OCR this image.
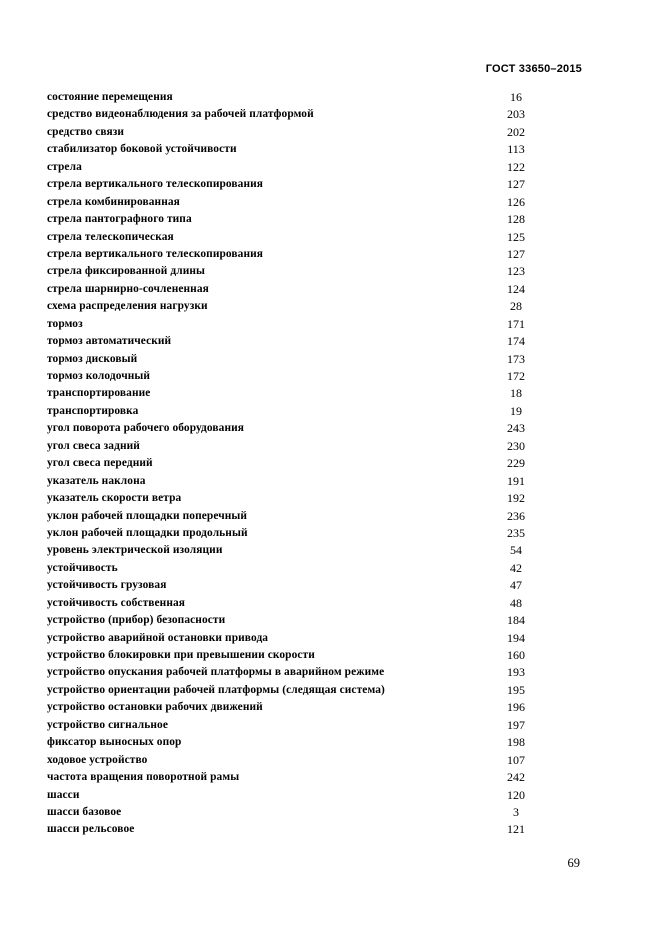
ГОСТ 33650–2015
состояние перемещения	16
средство видеонаблюдения за рабочей платформой	203
средство связи	202
стабилизатор боковой устойчивости	113
стрела	122
стрела вертикального телескопирования	127
стрела комбинированная	126
стрела пантографного типа	128
стрела телескопическая	125
стрела вертикального телескопирования	127
стрела фиксированной длины	123
стрела шарнирно-сочлененная	124
схема распределения нагрузки	28
тормоз	171
тормоз автоматический	174
тормоз дисковый	173
тормоз колодочный	172
транспортирование	18
транспортировка	19
угол поворота рабочего оборудования	243
угол свеса задний	230
угол свеса передний	229
указатель наклона	191
указатель скорости ветра	192
уклон рабочей площадки поперечный	236
уклон рабочей площадки продольный	235
уровень электрической изоляции	54
устойчивость	42
устойчивость грузовая	47
устойчивость собственная	48
устройство (прибор) безопасности	184
устройство аварийной остановки привода	194
устройство блокировки при превышении скорости	160
устройство опускания рабочей платформы в аварийном режиме	193
устройство ориентации рабочей платформы (следящая система)	195
устройство остановки рабочих движений	196
устройство сигнальное	197
фиксатор выносных опор	198
ходовое устройство	107
частота вращения поворотной рамы	242
шасси	120
шасси базовое	3
шасси рельсовое	121
69
